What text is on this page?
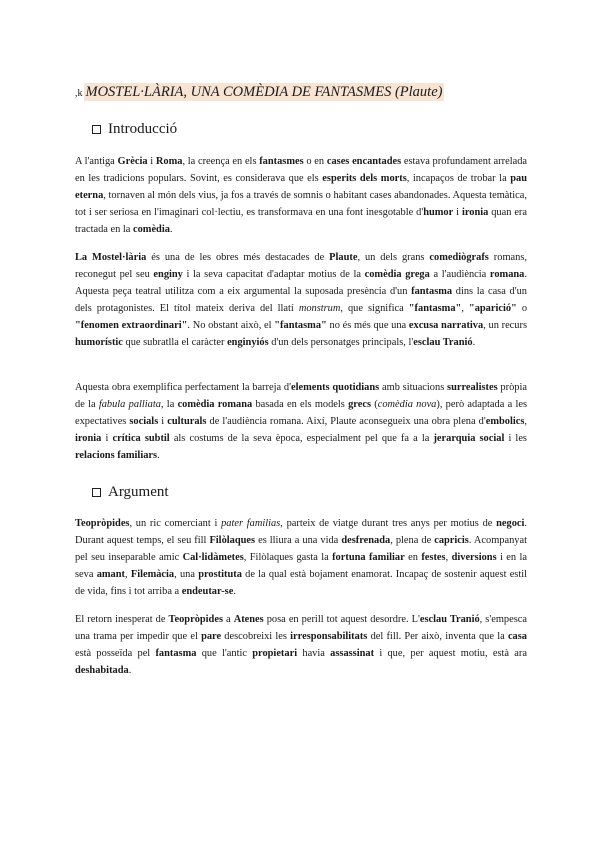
,k MOSTEL·LÀRIA, UNA COMÈDIA DE FANTASMES (Plaute)
Introducció

A l'antiga Grècia i Roma, la creença en els fantasmes o en cases encantades estava profundament arrelada en les tradicions populars. Sovint, es considerava que els esperits dels morts, incapaços de trobar la pau eterna, tornaven al món dels vius, ja fos a través de somnis o habitant cases abandonades. Aquesta temàtica, tot i ser seriosa en l'imaginari col·lectiu, es transformava en una font inesgotable d'humor i ironia quan era tractada en la comèdia.

La Mostel·lària és una de les obres més destacades de Plaute, un dels grans comediògrafs romans, reconegut pel seu enginy i la seva capacitat d'adaptar motius de la comèdia grega a l'audiència romana. Aquesta peça teatral utilitza com a eix argumental la suposada presència d'un fantasma dins la casa d'un dels protagonistes. El títol mateix deriva del llatí monstrum, que significa "fantasma", "aparició" o "fenomen extraordinari". No obstant això, el "fantasma" no és més que una excusa narrativa, un recurs humorístic que subratlla el caràcter enginyiós d'un dels personatges principals, l'esclau Tranió.

Aquesta obra exemplifica perfectament la barreja d'elements quotidians amb situacions surrealistes pròpia de la fabula palliata, la comèdia romana basada en els models grecs (comèdia nova), però adaptada a les expectatives socials i culturals de l'audiència romana. Així, Plaute aconsegueix una obra plena d'embolics, ironia i crítica subtil als costums de la seva època, especialment pel que fa a la jerarquia social i les relacions familiars.

Argument

Teopròpides, un ric comerciant i pater familias, parteix de viatge durant tres anys per motius de negoci. Durant aquest temps, el seu fill Filòlaques es lliura a una vida desfrenada, plena de capricis. Acompanyat pel seu inseparable amic Cal·lidàmetes, Filòlaques gasta la fortuna familiar en festes, diversions i en la seva amant, Filemàcia, una prostituta de la qual està bojament enamorat. Incapaç de sostenir aquest estil de vida, fins i tot arriba a endeutar-se.

El retorn inesperat de Teopròpides a Atenes posa en perill tot aquest desordre. L'esclau Tranió, s'empesca una trama per impedir que el pare descobreixi les irresponsabilitats del fill. Per això, inventa que la casa està posseïda pel fantasma que l'antic propietari havia assassinat i que, per aquest motiu, està ara deshabitada.
